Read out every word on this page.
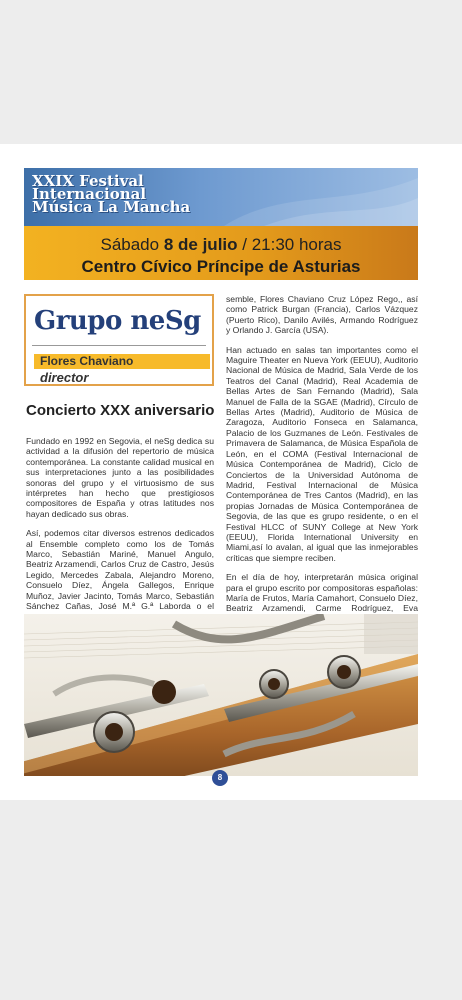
XXIX Festival
Internacional
Música La Mancha
Sábado 8 de julio / 21:30 horas
Centro Cívico Príncipe de Asturias
Grupo neSg
Flores Chaviano
director
Concierto XXX aniversario

Fundado en 1992 en Segovia, el neSg dedica su actividad a la difusión del repertorio de música contemporánea. La constante calidad musical en sus interpretaciones junto a las posibilidades sonoras del grupo y el virtuosismo de sus intérpretes han hecho que prestigiosos compositores de España y otras latitudes nos hayan dedicado sus obras.

Así, podemos citar diversos estrenos dedicados al Ensemble completo como los de Tomás Marco, Sebastián Mariné, Manuel Angulo, Beatriz Arzamendi, Carlos Cruz de Castro, Jesús Legido, Mercedes Zabala, Alejandro Moreno, Consuelo Díez, Ángela Gallegos, Enrique Muñoz, Javier Jacinto, Tomás Marco, Sebastián Sánchez Cañas, José M.ª G.ª Laborda o el

semble, Flores Chaviano Cruz López Rego,, así como Patrick Burgan (Francia), Carlos Vázquez (Puerto Rico), Danilo Avilés, Armando Rodríguez y Orlando J. García (USA).

Han actuado en salas tan importantes como el Maguire Theater en Nueva York (EEUU), Auditorio Nacional de Música de Madrid, Sala Verde de los Teatros del Canal (Madrid), Real Academia de Bellas Artes de San Fernando (Madrid), Sala Manuel de Falla de la SGAE (Madrid), Círculo de Bellas Artes (Madrid), Auditorio de Música de Zaragoza, Auditorio Fonseca en Salamanca, Palacio de los Guzmanes de León. Festivales de Primavera de Salamanca, de Música Española de León, en el COMA (Festival Internacional de Música Contemporánea de Madrid), Ciclo de Conciertos de la Universidad Autónoma de Madrid, Festival Internacional de Música Contemporánea de Tres Cantos (Madrid), en las propias Jornadas de Música Contemporánea de Segovia, de las que es grupo residente, o en el Festival HLCC of SUNY College at New York (EEUU), Florida International University en Miami,así lo avalan, al igual que las inmejorables críticas que siempre reciben.

En el día de hoy, interpretarán música original para el grupo escrito por compositoras españolas: María de Frutos, María Camahort, Consuelo Díez, Beatriz Arzamendi, Carme Rodríguez, Eva

8
